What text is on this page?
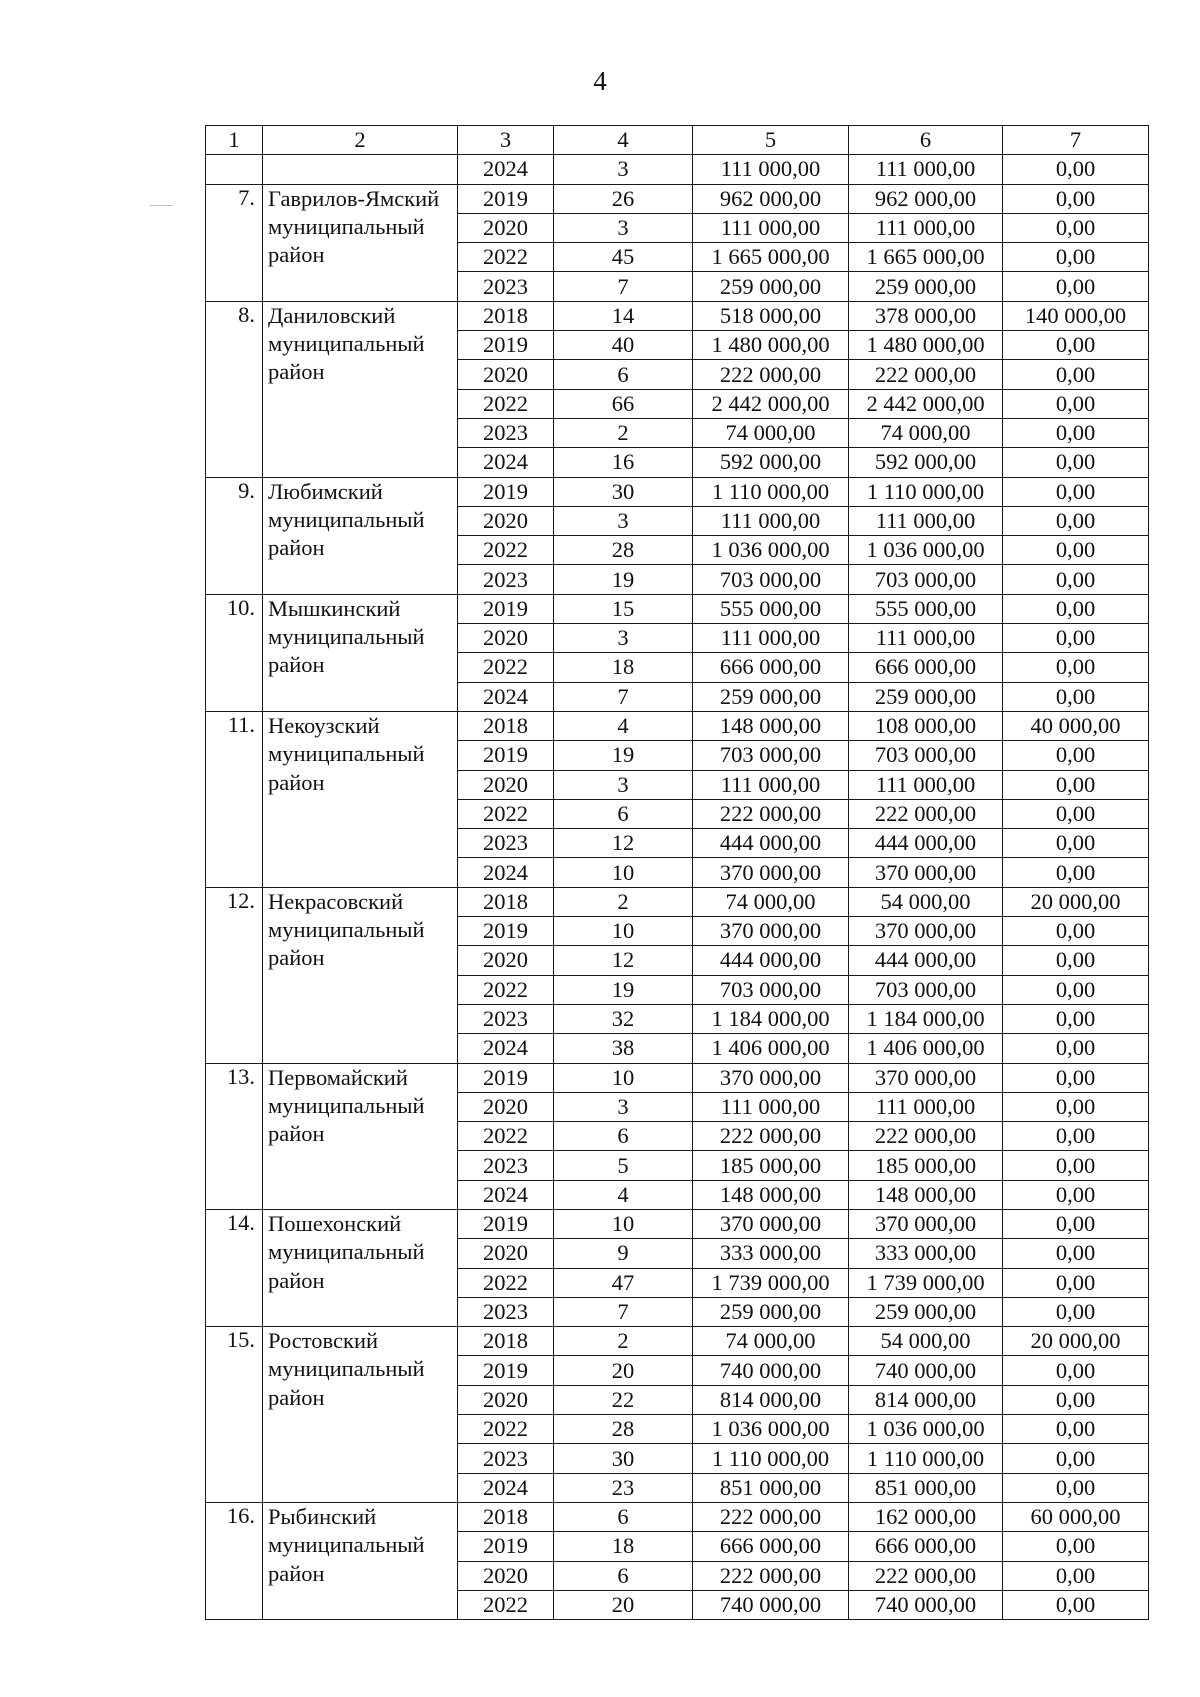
4
1	2	3	4	5	6	7
		2024	3	111 000,00	111 000,00	0,00
7.	Гаврилов-Ямский
муниципальный
район	2019	26	962 000,00	962 000,00	0,00
		2020	3	111 000,00	111 000,00	0,00
		2022	45	1 665 000,00	1 665 000,00	0,00
		2023	7	259 000,00	259 000,00	0,00
8.	Даниловский
муниципальный
район	2018	14	518 000,00	378 000,00	140 000,00
		2019	40	1 480 000,00	1 480 000,00	0,00
		2020	6	222 000,00	222 000,00	0,00
		2022	66	2 442 000,00	2 442 000,00	0,00
		2023	2	74 000,00	74 000,00	0,00
		2024	16	592 000,00	592 000,00	0,00
9.	Любимский
муниципальный
район	2019	30	1 110 000,00	1 110 000,00	0,00
		2020	3	111 000,00	111 000,00	0,00
		2022	28	1 036 000,00	1 036 000,00	0,00
		2023	19	703 000,00	703 000,00	0,00
10.	Мышкинский
муниципальный
район	2019	15	555 000,00	555 000,00	0,00
		2020	3	111 000,00	111 000,00	0,00
		2022	18	666 000,00	666 000,00	0,00
		2024	7	259 000,00	259 000,00	0,00
11.	Некоузский
муниципальный
район	2018	4	148 000,00	108 000,00	40 000,00
		2019	19	703 000,00	703 000,00	0,00
		2020	3	111 000,00	111 000,00	0,00
		2022	6	222 000,00	222 000,00	0,00
		2023	12	444 000,00	444 000,00	0,00
		2024	10	370 000,00	370 000,00	0,00
12.	Некрасовский
муниципальный
район	2018	2	74 000,00	54 000,00	20 000,00
		2019	10	370 000,00	370 000,00	0,00
		2020	12	444 000,00	444 000,00	0,00
		2022	19	703 000,00	703 000,00	0,00
		2023	32	1 184 000,00	1 184 000,00	0,00
		2024	38	1 406 000,00	1 406 000,00	0,00
13.	Первомайский
муниципальный
район	2019	10	370 000,00	370 000,00	0,00
		2020	3	111 000,00	111 000,00	0,00
		2022	6	222 000,00	222 000,00	0,00
		2023	5	185 000,00	185 000,00	0,00
		2024	4	148 000,00	148 000,00	0,00
14.	Пошехонский
муниципальный
район	2019	10	370 000,00	370 000,00	0,00
		2020	9	333 000,00	333 000,00	0,00
		2022	47	1 739 000,00	1 739 000,00	0,00
		2023	7	259 000,00	259 000,00	0,00
15.	Ростовский
муниципальный
район	2018	2	74 000,00	54 000,00	20 000,00
		2019	20	740 000,00	740 000,00	0,00
		2020	22	814 000,00	814 000,00	0,00
		2022	28	1 036 000,00	1 036 000,00	0,00
		2023	30	1 110 000,00	1 110 000,00	0,00
		2024	23	851 000,00	851 000,00	0,00
16.	Рыбинский
муниципальный
район	2018	6	222 000,00	162 000,00	60 000,00
		2019	18	666 000,00	666 000,00	0,00
		2020	6	222 000,00	222 000,00	0,00
		2022	20	740 000,00	740 000,00	0,00
